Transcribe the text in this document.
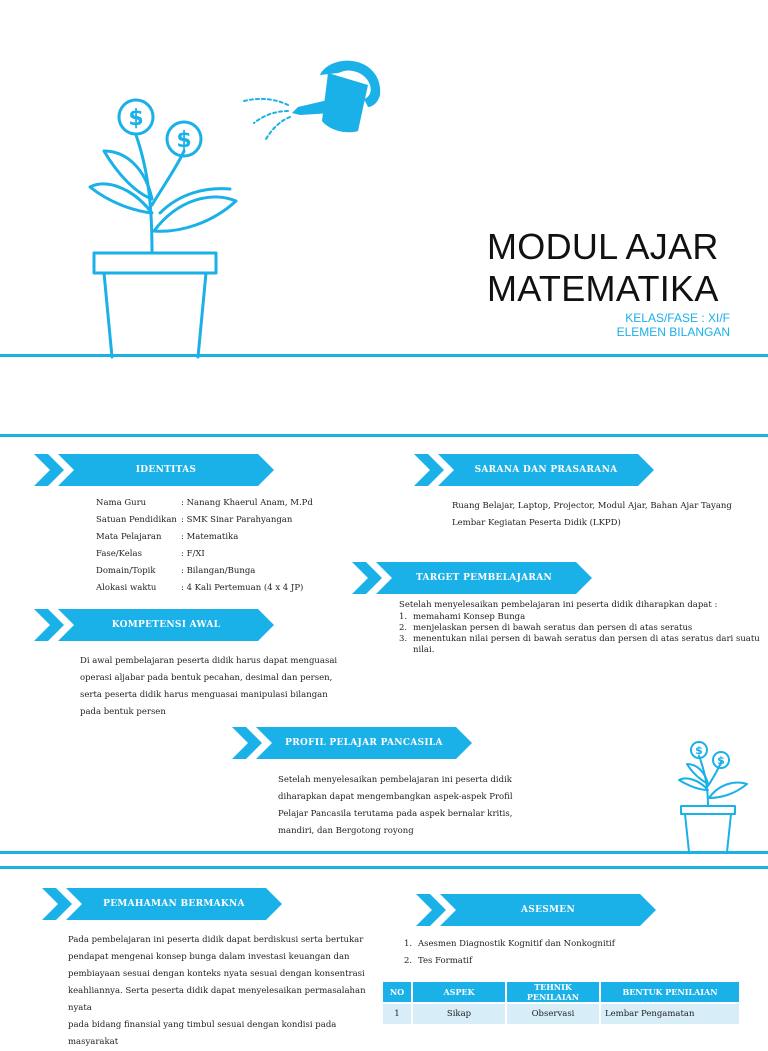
$
$
MODUL AJAR
MATEMATIKA
KELAS/FASE : XI/F
ELEMEN BILANGAN
IDENTITAS
Nama Guru	: Nanang Khaerul Anam, M.Pd
Satuan Pendidikan	: SMK Sinar Parahyangan
Mata Pelajaran	: Matematika
Fase/Kelas	: F/XI
Domain/Topik	: Bilangan/Bunga
Alokasi waktu	: 4 Kali Pertemuan (4 x 4 JP)
SARANA DAN PRASARANA
Ruang Belajar, Laptop, Projector, Modul Ajar, Bahan Ajar Tayang
Lembar Kegiatan Peserta Didik (LKPD)
TARGET PEMBELAJARAN
Setelah menyelesaikan pembelajaran ini peserta didik diharapkan dapat :
1. memahami Konsep Bunga
2. menjelaskan persen di bawah seratus dan persen di atas seratus
3. menentukan nilai persen di bawah seratus dan persen di atas seratus dari suatu nilai.
KOMPETENSI AWAL
Di awal pembelajaran peserta didik harus dapat menguasai
operasi aljabar pada bentuk pecahan, desimal dan persen,
serta peserta didik harus menguasai manipulasi bilangan
pada bentuk persen
PROFIL PELAJAR PANCASILA
Setelah menyelesaikan pembelajaran ini peserta didik
diharapkan dapat mengembangkan aspek-aspek Profil
Pelajar Pancasila terutama pada aspek bernalar kritis,
mandiri, dan Bergotong royong
$
$
PEMAHAMAN BERMAKNA
Pada pembelajaran ini peserta didik dapat berdiskusi serta bertukar
pendapat mengenai konsep bunga dalam investasi keuangan dan
pembiayaan sesuai dengan konteks nyata sesuai dengan konsentrasi
keahliannya. Serta peserta didik dapat menyelesaikan permasalahan nyata
pada bidang finansial yang timbul sesuai dengan kondisi pada
masyarakat
ASESMEN
1. Asesmen Diagnostik Kognitif dan Nonkognitif
2. Tes Formatif
NO	ASPEK	TEHNIK PENILAIAN	BENTUK PENILAIAN
1	Sikap	Observasi	Lembar Pengamatan
